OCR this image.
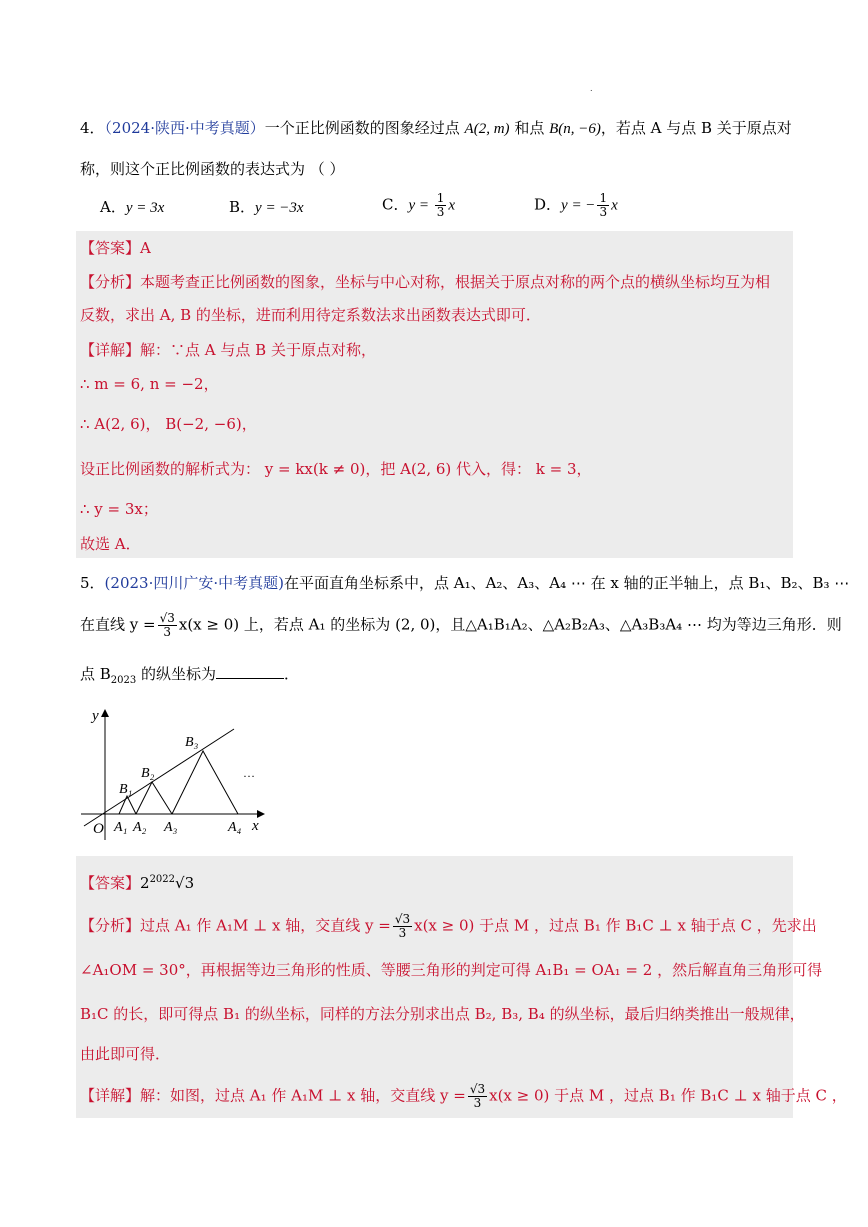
.
4．（2024·陕西·中考真题）一个正比例函数的图象经过点 A(2, m) 和点 B(n, −6)，若点 A 与点 B 关于原点对
称，则这个正比例函数的表达式为 （ ）
A．y = 3x	B．y = −3x	C．$y = \frac{1}{3}$ x	D．y = − $\frac{1}{3}$ x
【答案】A
【分析】本题考查正比例函数的图象，坐标与中心对称，根据关于原点对称的两个点的横纵坐标均互为相
反数，求出 A, B 的坐标，进而利用待定系数法求出函数表达式即可．
【详解】解：∵点 A 与点 B 关于原点对称，
∴ m = 6, n = −2，
∴ A(2, 6)， B(−2, −6)，
设正比例函数的解析式为： y = kx(k ≠ 0)，把 A(2, 6) 代入，得： k = 3，
∴ y = 3x；
故选 A．
5．(2023·四川广安·中考真题)在平面直角坐标系中，点 A₁、A₂、A₃、A₄ ⋯ 在 x 轴的正半轴上，点 B₁、B₂、B₃ ⋯
在直线 $y = \frac{√3}{3} x(x \ge 0)$ 上，若点 A₁ 的坐标为 (2, 0)，且△A₁B₁A₂、△A₂B₂A₃、△A₃B₃A₄ ⋯ 均为等边三角形．则
点 $B_{2023}$ 的纵坐标为	．
y
x
O A₁ A₂ A₃	A₄
B₁
B₂
B₃
…
【答案】$2^{2022}√3$
【分析】过点 A₁ 作 A₁M ⊥ x 轴，交直线 $y = \frac{√3}{3} x(x \ge 0)$ 于点 M ，过点 B₁ 作 B₁C ⊥ x 轴于点 C ，先求出
∠A₁OM = 30°，再根据等边三角形的性质、等腰三角形的判定可得 A₁B₁ = OA₁ = 2 ，然后解直角三角形可得
B₁C 的长，即可得点 B₁ 的纵坐标，同样的方法分别求出点 B₂, B₃, B₄ 的纵坐标，最后归纳类推出一般规律，
由此即可得．
【详解】解：如图，过点 A₁ 作 A₁M ⊥ x 轴，交直线 $y = \frac{√3}{3} x(x \ge 0)$ 于点 M ，过点 B₁ 作 B₁C ⊥ x 轴于点 C ，
